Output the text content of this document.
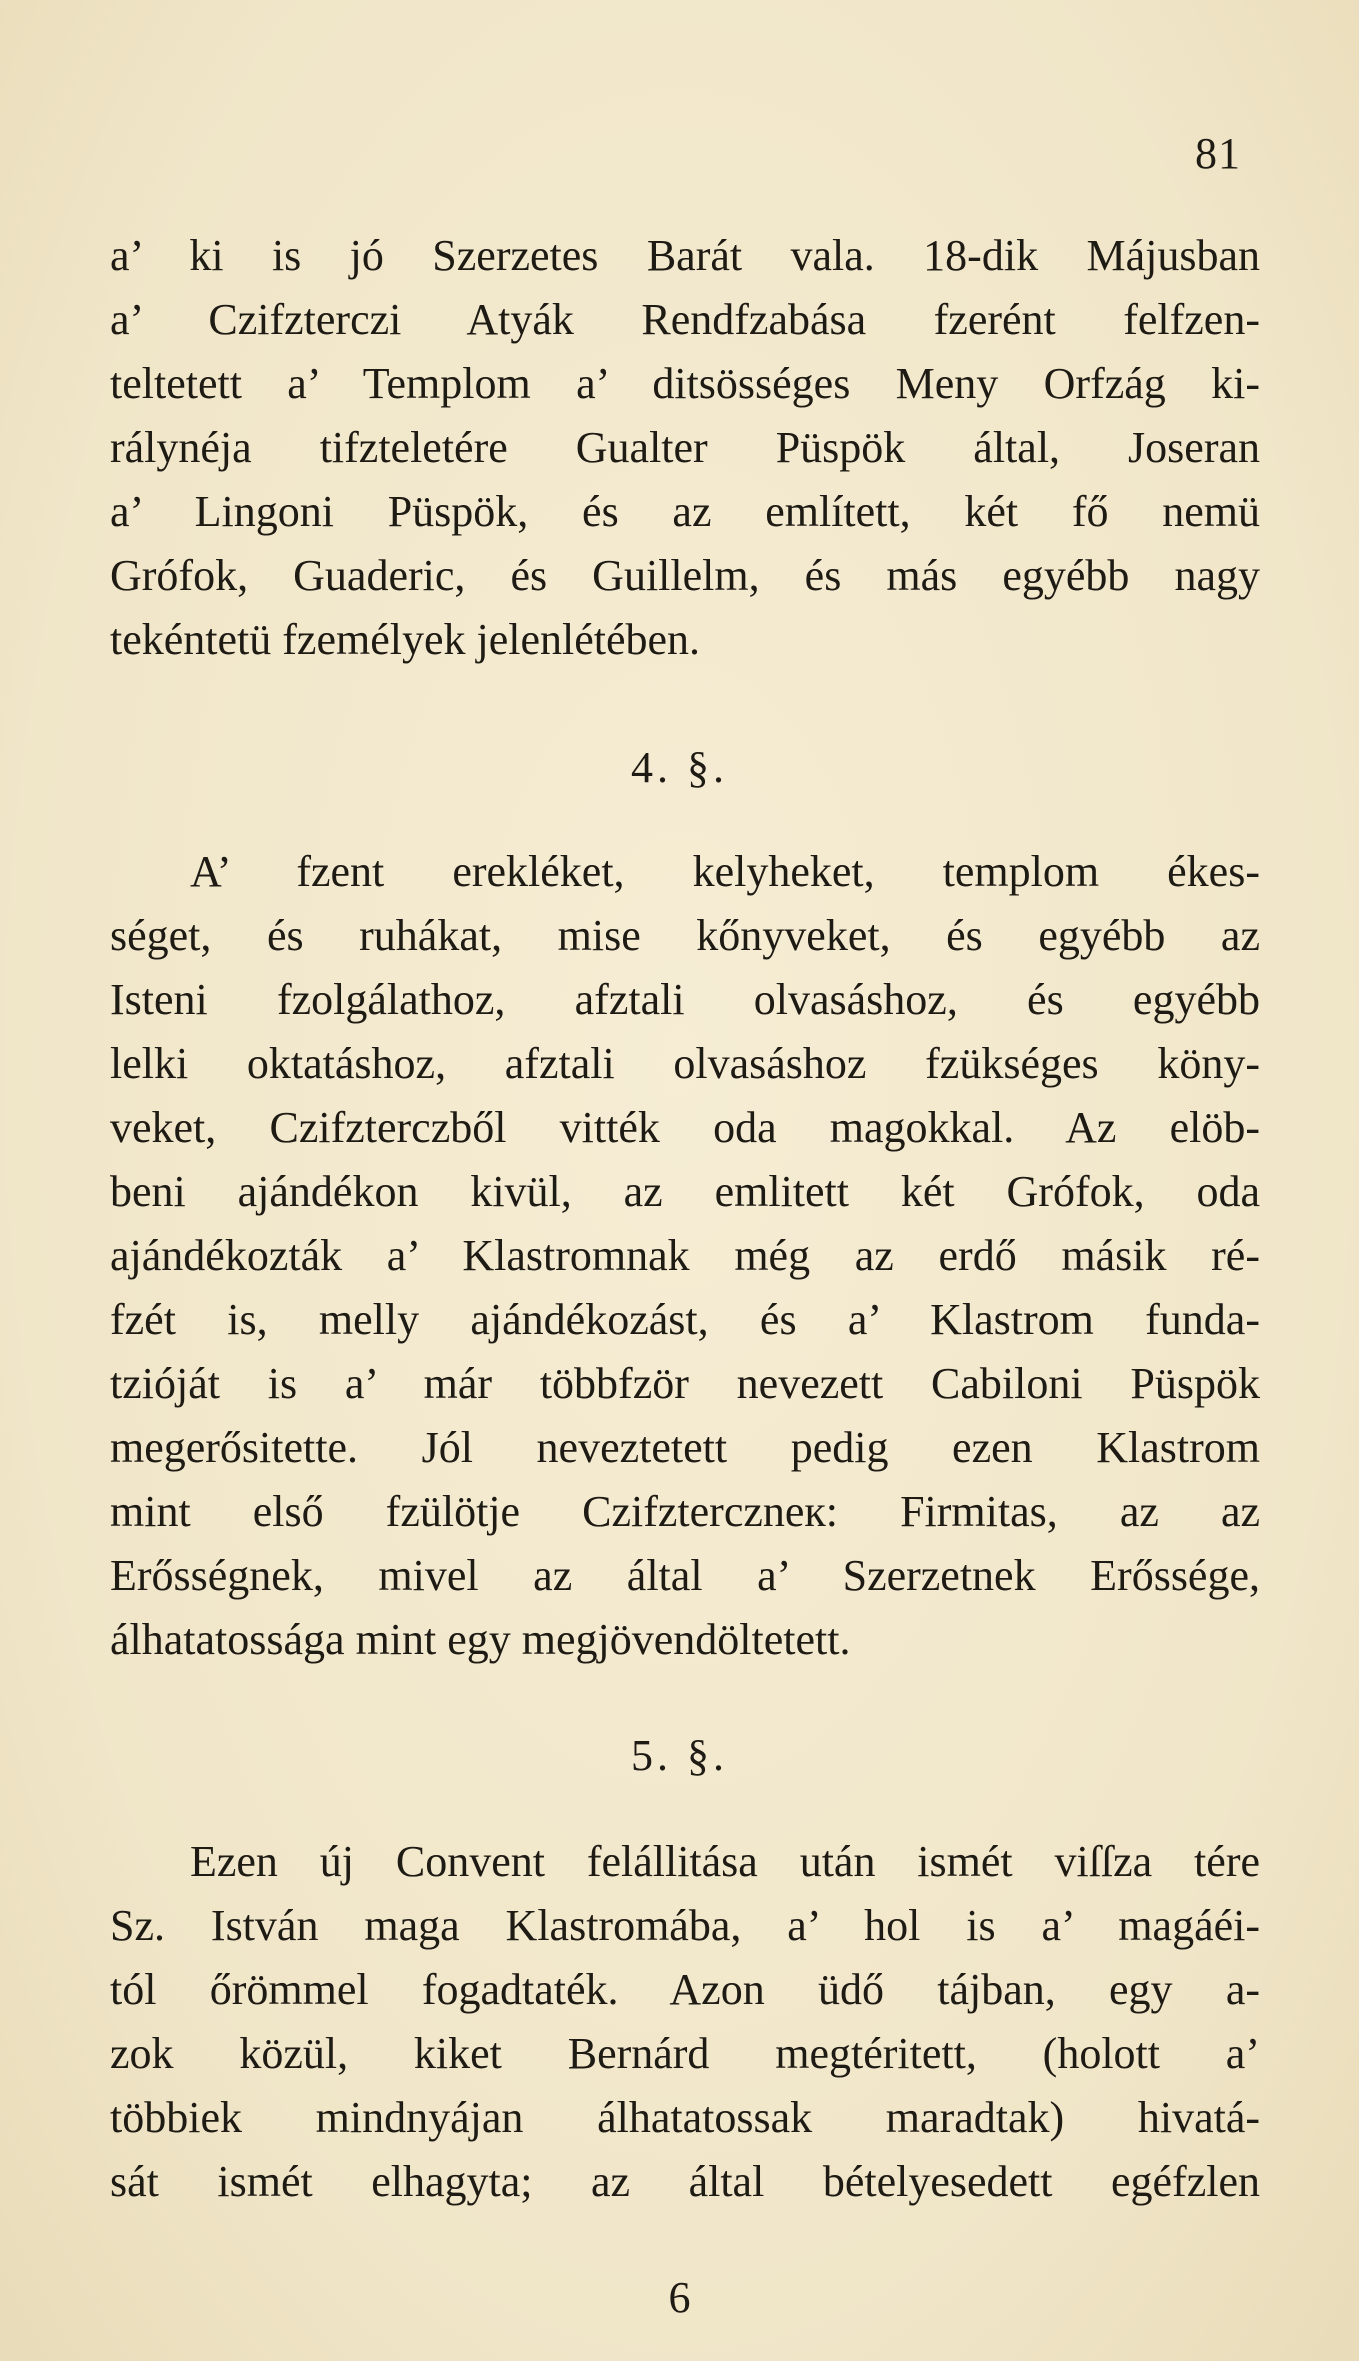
81
a’ ki is jó Szerzetes Barát vala. 18-dik Májusban
a’ Czifzterczi Atyák Rendfzabása fzerént felfzen-
teltetett a’ Templom a’ ditsösséges Meny Orfzág ki-
rálynéja tifzteletére Gualter Püspök által, Joseran
a’ Lingoni Püspök, és az említett, két fő nemü
Grófok, Guaderic, és Guillelm, és más egyébb nagy
tekéntetü fzemélyek jelenlétében.
4. §.
A’ fzent erekléket, kelyheket, templom ékes-
séget, és ruhákat, mise kőnyveket, és egyébb az
Isteni fzolgálathoz, afztali olvasáshoz, és egyébb
lelki oktatáshoz, afztali olvasáshoz fzükséges köny-
veket, Czifzterczből vitték oda magokkal. Az elöb-
beni ajándékon kivül, az emlitett két Grófok, oda
ajándékozták a’ Klastromnak még az erdő másik ré-
fzét is, melly ajándékozást, és a’ Klastrom funda-
tzióját is a’ már többfzör nevezett Cabiloni Püspök
megerősitette. Jól neveztetett pedig ezen Klastrom
mint első fzülötje Czifzterczneк: Firmitas, az az
Erősségnek, mivel az által a’ Szerzetnek Erőssége,
álhatatossága mint egy megjövendöltetett.
5. §.
Ezen új Convent felállitása után ismét viſſza tére
Sz. István maga Klastromába, a’ hol is a’ magáéi-
tól őrömmel fogadtaték. Azon üdő tájban, egy a-
zok közül, kiket Bernárd megtéritett, (holott a’
többiek mindnyájan álhatatossak maradtak) hivatá-
sát ismét elhagyta; az által bételyesedett egéfzlen
6
